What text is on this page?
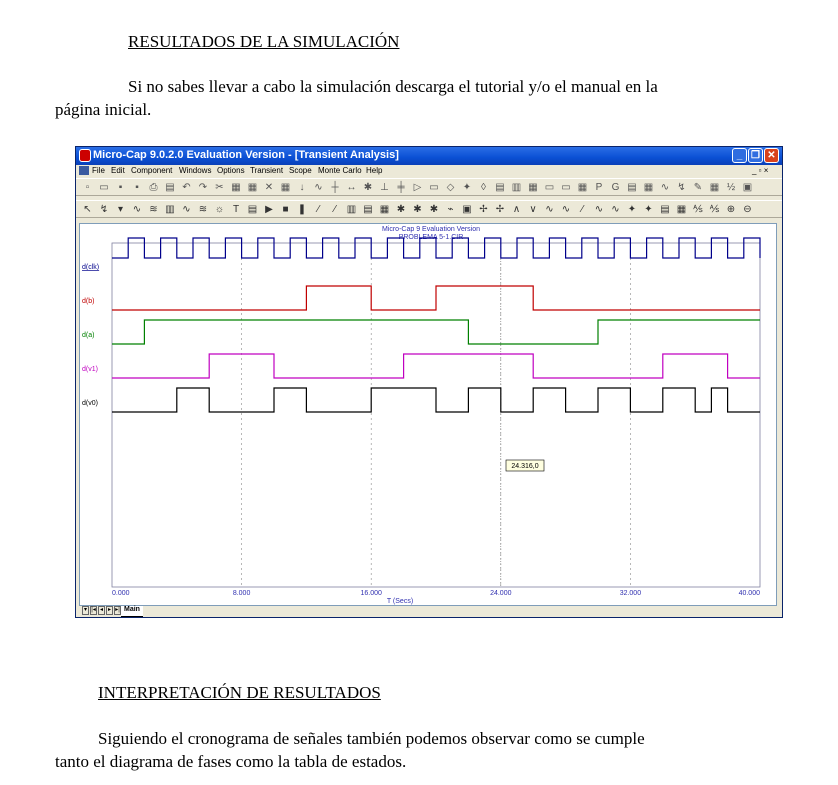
RESULTADOS DE LA SIMULACIÓN
Si no sabes llevar a cabo la simulación descarga el tutorial y/o el manual en la
página inicial.
Micro-Cap 9.0.2.0 Evaluation Version - [Transient Analysis]	_ ❐ ✕
File Edit Component Windows Options Transient Scope Monte Carlo Help	_ ▫ ×
▫	▭	▪	▪	⎙ ▤ ↶ ↷ ✂ ▦ ▦ ✕ ▦ ↓ ∿ ┼ ↔ ✱ ⊥ ╪ ▷ ▭ ◇ ✦ ◊ ▤ ▥ ▦ ▭ ▭ ▦ P G ▤ ▦ ∿ ↯ ✎ ▦ ½ ▣
↖ ↯ ▾ ∿ ≋ ▥ ∿ ≋ ☼ T ▤ ▶ ■ ❚	⁄	⁄	▥ ▤ ▦ ✱ ✱ ✱ ⌁ ▣ ✢ ✢ ∧ ∨ ∿ ∿	⁄	∿ ∿ ✦ ✦ ▤ ▦ ⅍ ⅍ ⊕ ⊖
Micro-Cap 9 Evaluation Version
PROBLEMA 5-1.CIR
d(clk)
d(b)
d(a)
d(v1)
d(v0)
0.000	8.000	16.000	24.000	32.000	40.000
T (Secs)
24.316,0
▾ |◂ ◂ ▸ ▸| Main
INTERPRETACIÓN DE RESULTADOS
Siguiendo el cronograma de señales también podemos observar como se cumple
tanto el diagrama de fases como la tabla de estados.
